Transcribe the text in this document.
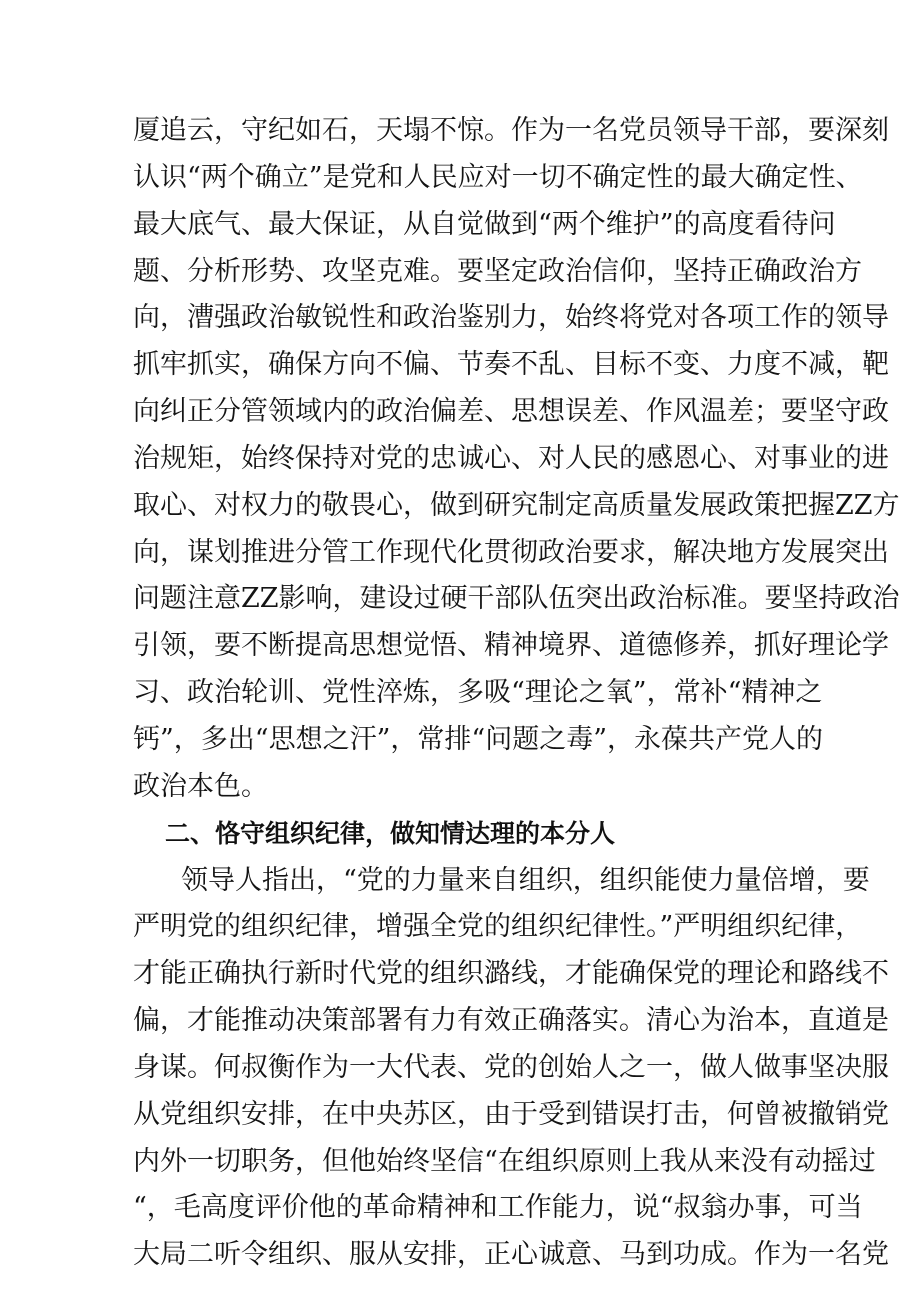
厦追云，守纪如石，天塌不惊。作为一名党员领导干部，要深刻
认识“两个确立”是党和人民应对一切不确定性的最大确定性、
最大底气、最大保证，从自觉做到“两个维护”的高度看待问
题、分析形势、攻坚克难。要坚定政治信仰，坚持正确政治方
向，漕强政治敏锐性和政治鉴别力，始终将党对各项工作的领导
抓牢抓实，确保方向不偏、节奏不乱、目标不变、力度不减，靶
向纠正分管领域内的政治偏差、思想误差、作风温差；要坚守政
治规矩，始终保持对党的忠诚心、对人民的感恩心、对事业的进
取心、对权力的敬畏心，做到研究制定高质量发展政策把握ZZ方
向，谋划推进分管工作现代化贯彻政治要求，解决地方发展突出
问题注意ZZ影响，建设过硬干部队伍突出政治标准。要坚持政治
引领，要不断提高思想觉悟、精神境界、道德修养，抓好理论学
习、政治轮训、党性淬炼，多吸“理论之氧”，常补“精神之
钙”，多出“思想之汗”，常排“问题之毒”，永葆共产党人的
政治本色。
二、恪守组织纪律，做知情达理的本分人
领导人指出，“党的力量来自组织，组织能使力量倍增，要
严明党的组织纪律，增强全党的组织纪律性。”严明组织纪律，
才能正确执行新时代党的组织潞线，才能确保党的理论和路线不
偏，才能推动决策部署有力有效正确落实。清心为治本，直道是
身谋。何叔衡作为一大代表、党的创始人之一，做人做事坚决服
从党组织安排，在中央苏区，由于受到错误打击，何曾被撤销党
内外一切职务，但他始终坚信“在组织原则上我从来没有动摇过
“，毛高度评价他的革命精神和工作能力，说“叔翁办事，可当
大局二听令组织、服从安排，正心诚意、马到功成。作为一名党
